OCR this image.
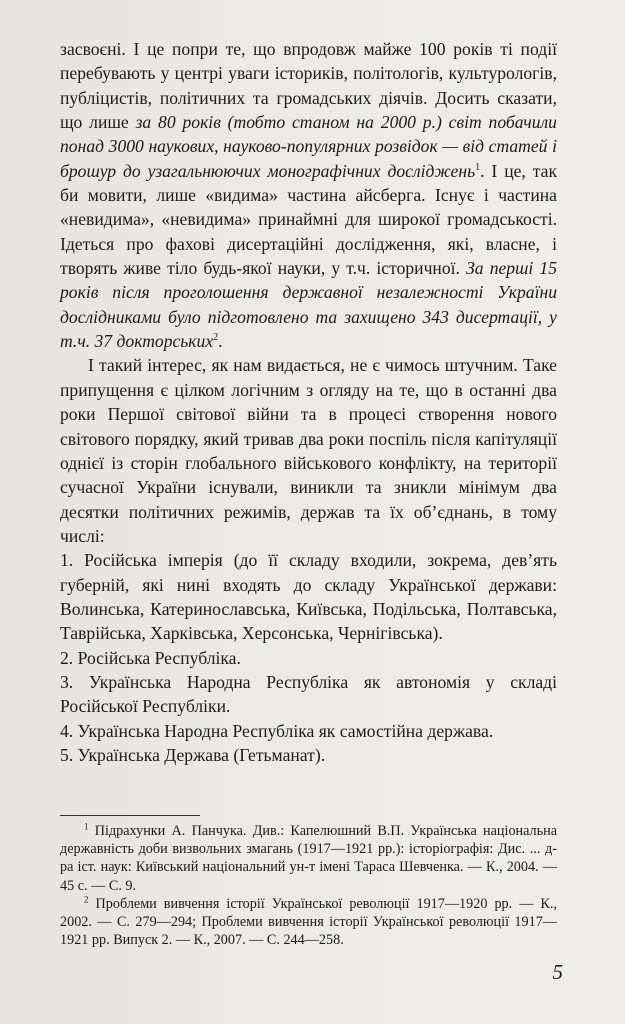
засвоєні. І це попри те, що впродовж майже 100 років ті події перебувають у центрі уваги істориків, політологів, культурологів, публіцистів, політичних та громадських діячів. Досить сказати, що лише за 80 років (тобто станом на 2000 р.) світ побачили понад 3000 наукових, науково-популярних розвідок — від статей і брошур до узагальнюючих монографічних досліджень$^1$. І це, так би мовити, лише «видима» частина айсберга. Існує і частина «невидима», «невидима» принаймні для широкої громадськості. Ідеться про фахові дисертаційні дослідження, які, власне, і творять живе тіло будь-якої науки, у т.ч. історичної. За перші 15 років після проголошення державної незалежності України дослідниками було підготовлено та захищено 343 дисертації, у т.ч. 37 докторських$^2$.

І такий інтерес, як нам видається, не є чимось штучним. Таке припущення є цілком логічним з огляду на те, що в останні два роки Першої світової війни та в процесі створення нового світового порядку, який тривав два роки поспіль після капітуляції однієї із сторін глобального військового конфлікту, на території сучасної України існували, виникли та зникли мінімум два десятки політичних режимів, держав та їх об’єднань, в тому числі:

1. Російська імперія (до її складу входили, зокрема, дев’ять губерній, які нині входять до складу Української держави: Волинська, Катеринославська, Київська, Подільська, Полтавська, Таврійська, Харківська, Херсонська, Чернігівська).

2. Російська Республіка.

3. Українська Народна Республіка як автономія у складі Російської Республіки.

4. Українська Народна Республіка як самостійна держава.

5. Українська Держава (Гетьманат).

$^1$ Підрахунки А. Панчука. Див.: Капелюшний В.П. Українська національна державність доби визвольних змагань (1917—1921 рр.): історіографія: Дис. ... д-ра іст. наук: Київський національний ун-т імені Тараса Шевченка. — К., 2004. — 45 с. — С. 9.

$^2$ Проблеми вивчення історії Української революції 1917—1920 рр. — К., 2002. — С. 279—294; Проблеми вивчення історії Української революції 1917—1921 рр. Випуск 2. — К., 2007. — С. 244—258.

5
